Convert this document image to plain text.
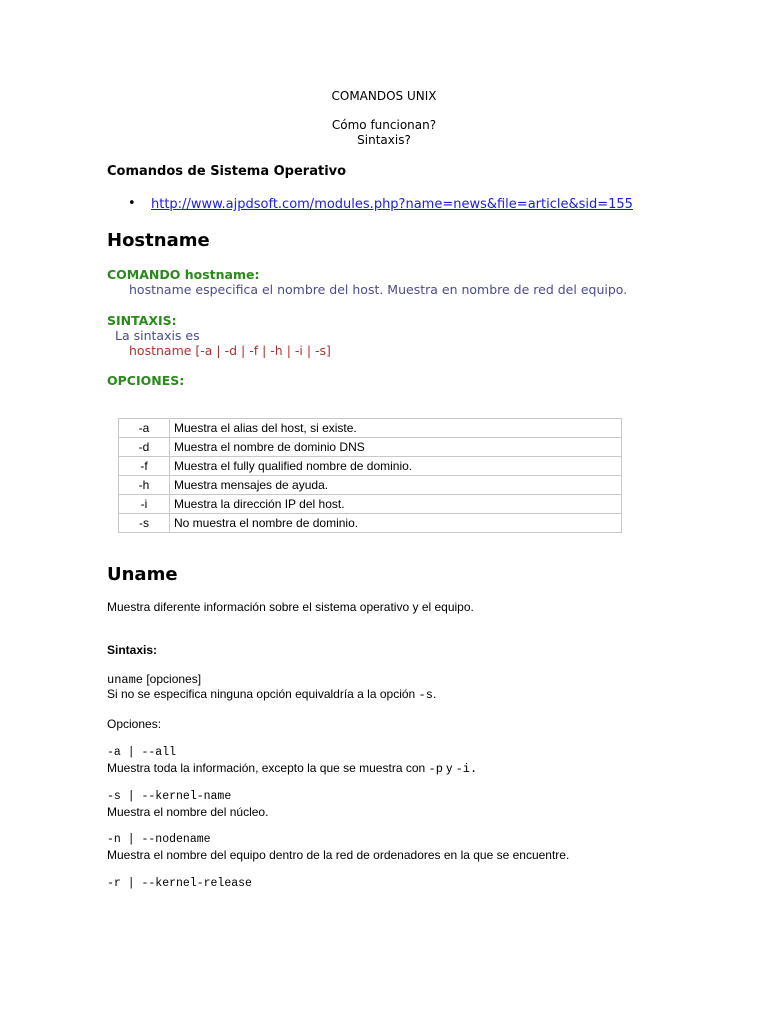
COMANDOS UNIX
Cómo funcionan?
Sintaxis?
Comandos de Sistema Operativo
• http://www.ajpdsoft.com/modules.php?name=news&file=article&sid=155
Hostname
COMANDO hostname:
hostname especifica el nombre del host. Muestra en nombre de red del equipo.
SINTAXIS:
La sintaxis es
hostname [-a | -d | -f | -h | -i | -s]
OPCIONES:
-a	Muestra el alias del host, si existe.
-d	Muestra el nombre de dominio DNS
-f	Muestra el fully qualified nombre de dominio.
-h	Muestra mensajes de ayuda.
-i	Muestra la dirección IP del host.
-s	No muestra el nombre de dominio.
Uname
Muestra diferente información sobre el sistema operativo y el equipo.
Sintaxis:
uname [opciones]
Si no se especifica ninguna opción equivaldría a la opción -s.
Opciones:
-a | --all
Muestra toda la información, excepto la que se muestra con -p y -i.
-s | --kernel-name
Muestra el nombre del núcleo.
-n | --nodename
Muestra el nombre del equipo dentro de la red de ordenadores en la que se encuentre.
-r | --kernel-release
